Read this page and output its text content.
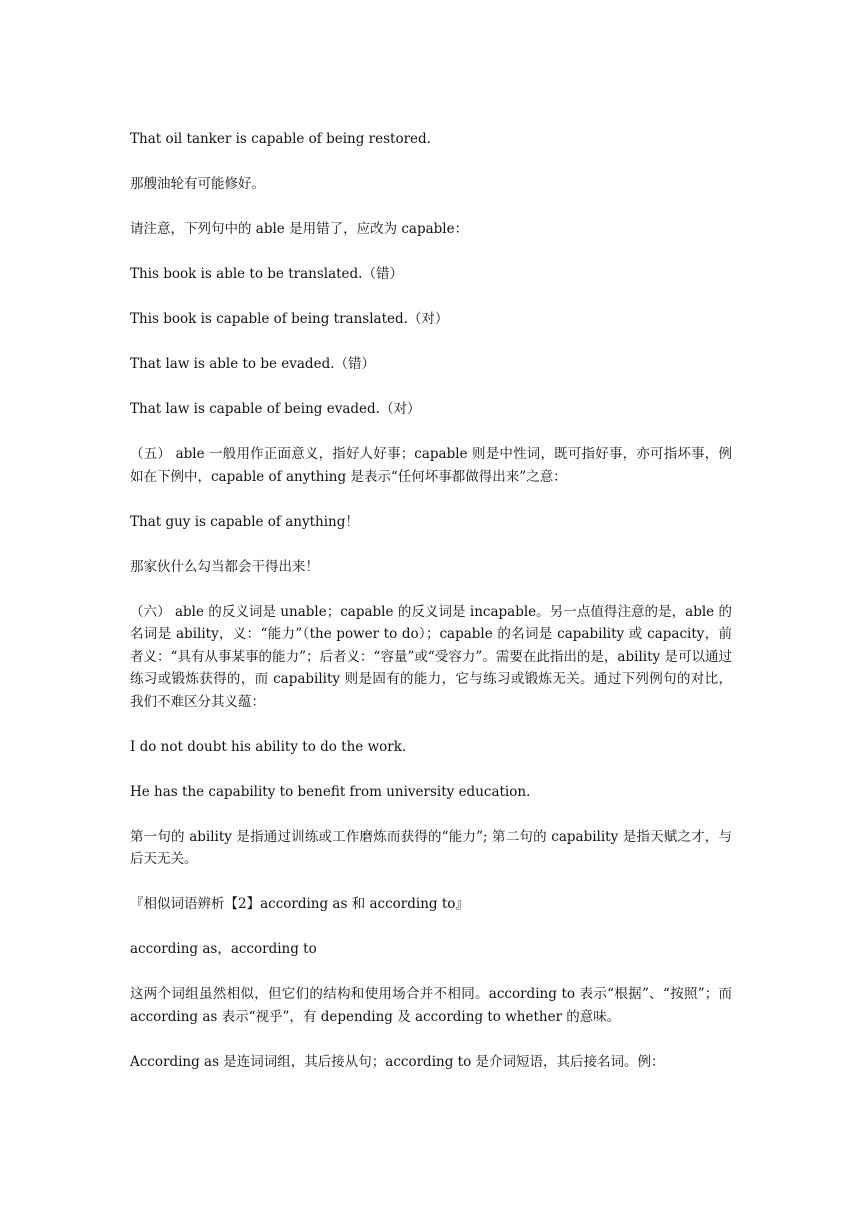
That oil tanker is capable of being restored.

那艘油轮有可能修好。

请注意，下列句中的 able 是用错了，应改为 capable：

This book is able to be translated.（错）

This book is capable of being translated.（对）

That law is able to be evaded.（错）

That law is capable of being evaded.（对）

（五） able 一般用作正面意义，指好人好事；capable 则是中性词，既可指好事，亦可指坏事，例如在下例中，capable of anything 是表示“任何坏事都做得出来”之意：

That guy is capable of anything！

那家伙什么勾当都会干得出来！

（六） able 的反义词是 unable；capable 的反义词是 incapable。另一点值得注意的是，able 的名词是 ability，义：“能力”（the power to do）；capable 的名词是 capability 或 capacity，前者义：“具有从事某事的能力”；后者义：“容量”或“受容力”。需要在此指出的是，ability 是可以通过练习或锻炼获得的，而 capability 则是固有的能力，它与练习或锻炼无关。通过下列例句的对比，我们不难区分其义蕴：

I do not doubt his ability to do the work.

He has the capability to benefit from university education.

第一句的 ability 是指通过训练或工作磨炼而获得的“能力”; 第二句的 capability 是指天赋之才，与后天无关。

『相似词语辨析【2】according as 和 according to』

according as，according to

这两个词组虽然相似，但它们的结构和使用场合并不相同。according to 表示“根据”、“按照”；而 according as 表示“视乎”，有 depending 及 according to whether 的意味。

According as 是连词词组，其后接从句；according to 是介词短语，其后接名词。例：
